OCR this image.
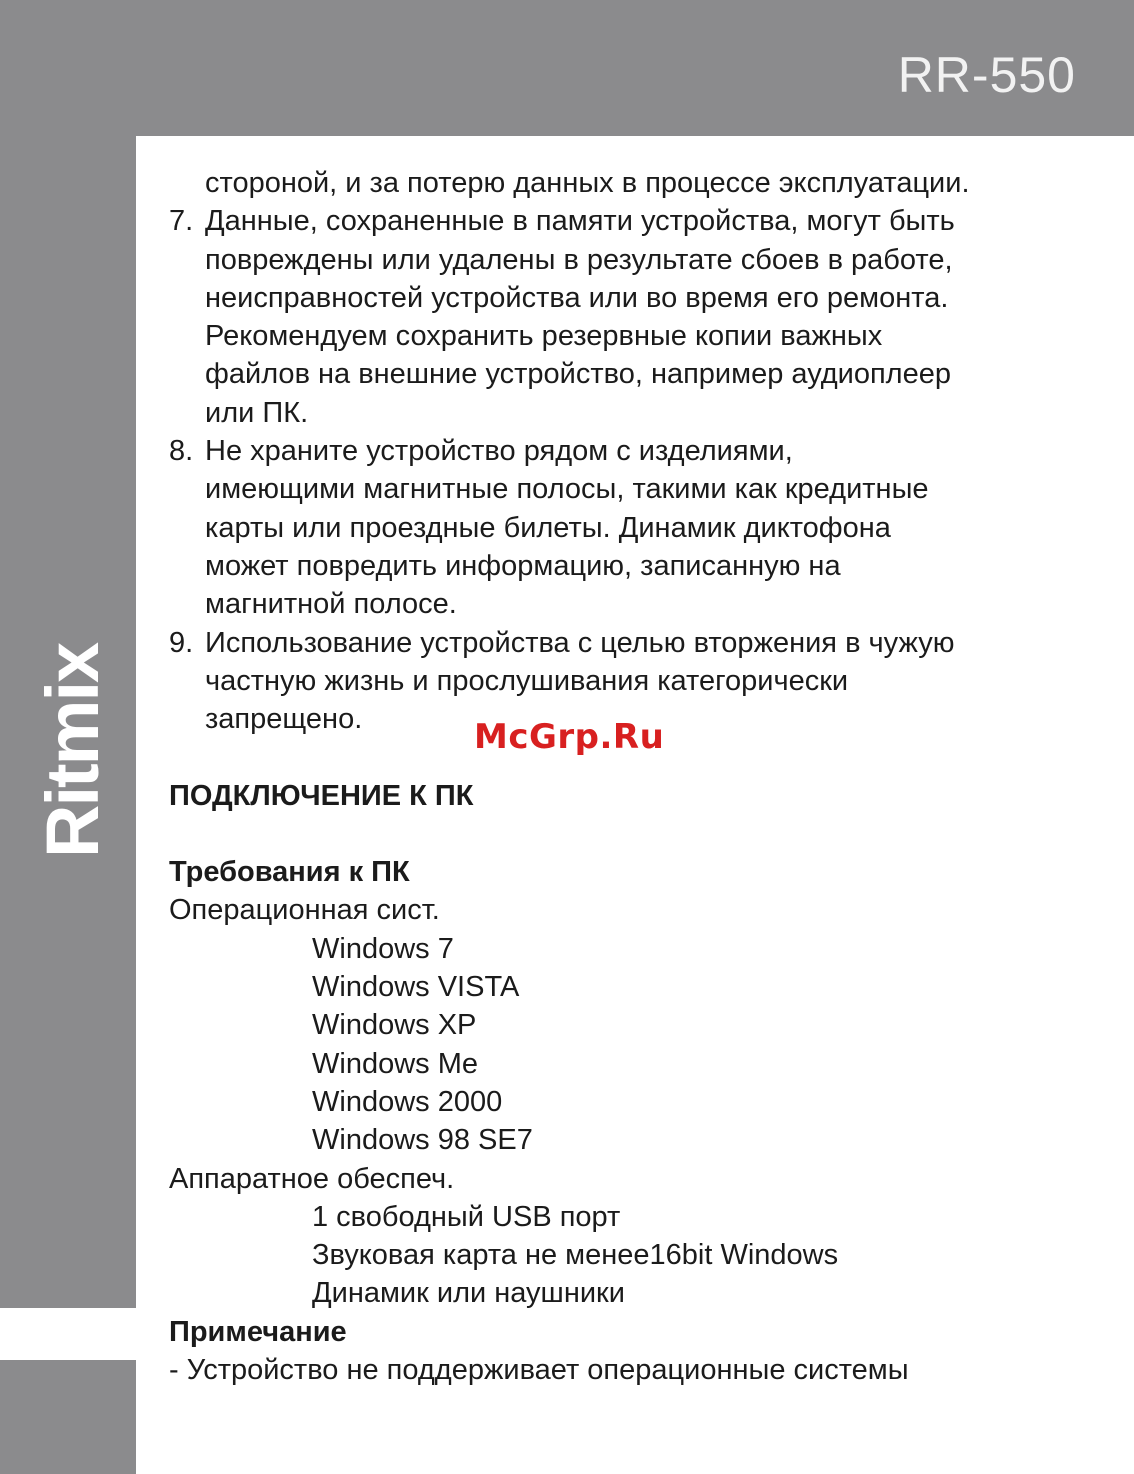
RR-550

Ritmix

стороной, и за потерю данных в процессе эксплуатации.

7. Данные, сохраненные в памяти устройства, могут быть

повреждены или удалены в результате сбоев в работе,

неисправностей устройства или во время его ремонта.

Рекомендуем сохранить резервные копии важных

файлов на внешние устройство, например аудиоплеер

или ПК.

8. Не храните устройство рядом с изделиями,

имеющими магнитные полосы, такими как кредитные

карты или проездные билеты. Динамик диктофона

может повредить информацию, записанную на

магнитной полосе.

9. Использование устройства с целью вторжения в чужую

частную жизнь и прослушивания категорически

запрещено.

ПОДКЛЮЧЕНИЕ К ПК

Требования к ПК

Операционная сист.

Windows 7

Windows VISTA

Windows XP

Windows Me

Windows 2000

Windows 98 SE7

Аппаратное обеспеч.

1 свободный USB порт

Звуковая карта не менее16bit Windows

Динамик или наушники

Примечание

- Устройство не поддерживает операционные системы

McGrp.Ru
